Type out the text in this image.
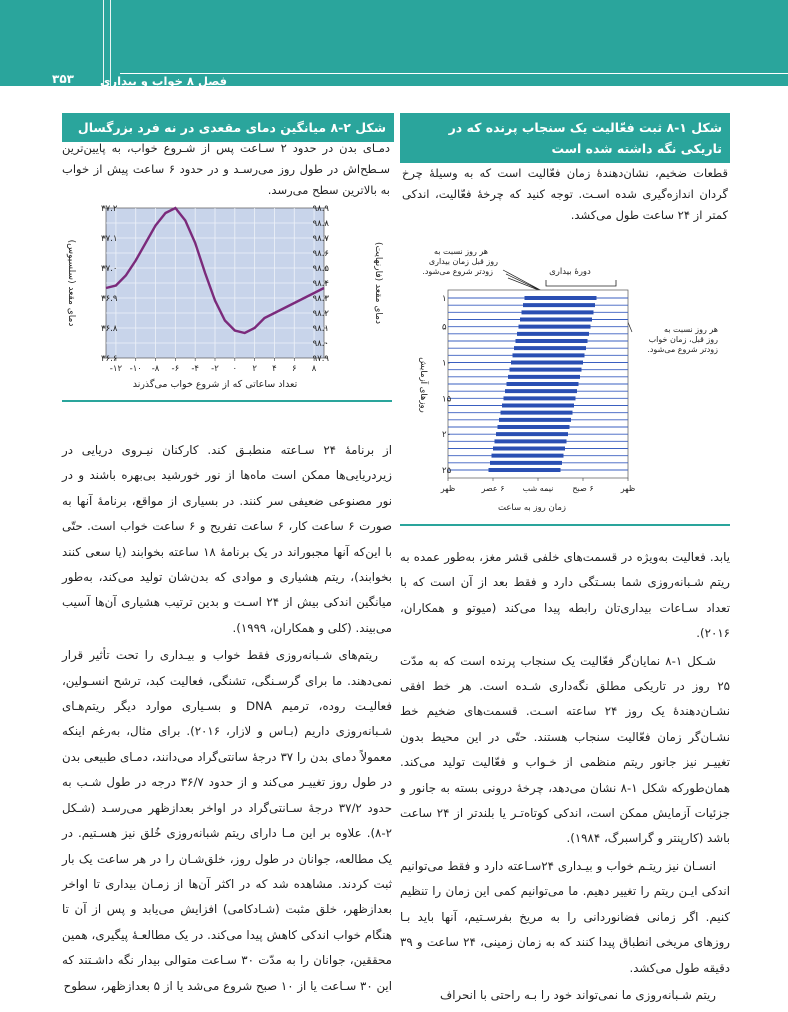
فصل ۸ خواب و بیداری
۳۵۳
شکل ۲-۸ میانگین دمای مقعدی در نه فرد بزرگسال
دمـای بدن در حدود ۲ سـاعت پس از شـروع خواب، به پایین‌ترین سـطح‌اش در طول روز می‌رسـد و در حدود ۶ ساعت پیش از خواب به بالاترین سطح می‌رسد.
۱۲- ۱۰- ۸- ۶- ۴- ۲- ۰ ۲ ۴ ۶ ۸
۳۶.۶
۳۶.۸
۳۶.۹
۳۷.۰
۳۷.۱
۳۷.۲
۹۷.۹
۹۸.۰
۹۸.۱
۹۸.۲
۹۸.۳
۹۸.۴
۹۸.۵
۹۸.۶
۹۸.۷
۹۸.۸
۹۸.۹
تعداد ساعاتی که از شروع خواب می‌گذرند
دمای مقعد (سلسیوس)	دمای مقعد (فارنهایت)
شکل ۱-۸ ثبت فعّالیت یک سنجاب پرنده که در تاریکی نگه داشته شده است
قطعات ضخیم، نشان‌دهندهٔ زمان فعّالیت است که به وسیلهٔ چرخ گردان اندازه‌گیری شده اسـت. توجه کنید که چرخهٔ فعّالیت، اندکی کمتر از ۲۴ ساعت طول می‌کشد.
هر روز نسبت به روز قبل زمان بیداری زودتر شروع می‌شود.	دورهٔ بیداری
هر روز نسبت به روز قبل، زمان خواب زودتر شروع می‌شود.
۱
۵
۱۰
۱۵
۲۰
۲۵
ظهر	۶ عصر نیمه شب ۶ صبح	ظهر
روزهای آزمایش
زمان روز به ساعت

از برنامهٔ ۲۴ سـاعته منطبـق کند. کارکنان نیـروی دریایی در زیردریایی‌ها ممکن است ماه‌ها از نور خورشید بی‌بهره باشند و در نور مصنوعی ضعیفی سر کنند. در بسیاری از مواقع، برنامهٔ آنها به صورت ۶ ساعت کار، ۶ ساعت تفریح و ۶ ساعت خواب است. حتّی با این‌که آنها مجبوراند در یک برنامهٔ ۱۸ ساعته بخوابند (یا سعی کنند بخوابند)، ریتم هشیاری و موادی که بدن‌شان تولید می‌کند، به‌طور میانگین اندکی بیش از ۲۴ اسـت و بدین ترتیب هشیاری آن‌ها آسیب می‌بیند. (کلی و همکاران، ۱۹۹۹).

ریتم‌های شـبانه‌روزی فقط خواب و بیـداری را تحت تأثیر قرار نمی‌دهند. ما برای گرسـنگی، تشنگی، فعالیت کبد، ترشح انسـولین، فعالیـت روده، ترمیم DNA و بسـیاری موارد دیگر ریتم‌هـای شـبانه‌روزی داریم (بـاس و لازار، ۲۰۱۶). برای مثال، به‌رغم اینکه معمولاً دمای بدن را ۳۷ درجهٔ سانتی‌گراد می‌دانند، دمـای طبیعی بدن در طول روز تغییـر می‌کند و از حدود ۳۶/۷ درجه در طول شـب به حدود ۳۷/۲ درجهٔ سـانتی‌گراد در اواخر بعدازظهر می‌رسـد (شـکل ۲-۸). علاوه بر این مـا دارای ریتم شبانه‌روزی خُلق نیز هسـتیم. در یک مطالعه، جوانان در طول روز، خلق‌شـان را در هر ساعت یک بار ثبت کردند. مشاهده شد که در اکثر آن‌ها از زمـان بیداری تا اواخر بعدازظهر، خلق مثبت (شـادکامی) افزایش می‌یابد و پس از آن تا هنگام خواب اندکی کاهش پیدا می‌کند. در یک مطالعـهٔ پیگیری، همین محققین، جوانان را به مدّت ۳۰ سـاعت متوالی بیدار نگه داشـتند که این ۳۰ سـاعت یا از ۱۰ صبح شروع می‌شد یا از ۵ بعدازظهر، سطوح

یابد. فعالیت به‌ویژه در قسمت‌های خلفی قشر مغز، به‌طور عمده به ریتم شـبانه‌روزی شما بسـتگی دارد و فقط بعد از آن است که با تعداد سـاعات بیداری‌تان رابطه پیدا می‌کند (میوتو و همکاران، ۲۰۱۶).

شـکل ۱-۸ نمایان‌گر فعّالیت یک سنجاب پرنده است که به مدّت ۲۵ روز در تاریکی مطلق نگه‌داری شـده است. هر خط افقی نشـان‌دهندهٔ یک روز ۲۴ ساعته اسـت. قسمت‌های ضخیم خط نشـان‌گر زمان فعّالیت سنجاب هستند. حتّی در این محیط بدون تغییـر نیز جانور ریتم منظمی از خـواب و فعّالیت تولید می‌کند. همان‌طورکه شکل ۱-۸ نشان می‌دهد، چرخهٔ درونی بسته به جانور و جزئیات آزمایش ممکن است، اندکی کوتاه‌تـر یا بلندتر از ۲۴ ساعت باشد (کارپنتر و گراسبرگ، ۱۹۸۴).

انسـان نیز ریتـم خواب و بیـداری ۲۴سـاعته دارد و فقط می‌توانیم اندکی ایـن ریتم را تغییر دهیم. ما می‌توانیم کمی این زمان را تنظیم کنیم. اگر زمانی فضانوردانی را به مریخ بفرسـتیم، آنها باید بـا روزهای مریخی انطباق پیدا کنند که به زمان زمینی، ۲۴ ساعت و ۳۹ دقیقه طول می‌کشد.

ریتم شـبانه‌روزی ما نمی‌تواند خود را بـه راحتی با انحراف
